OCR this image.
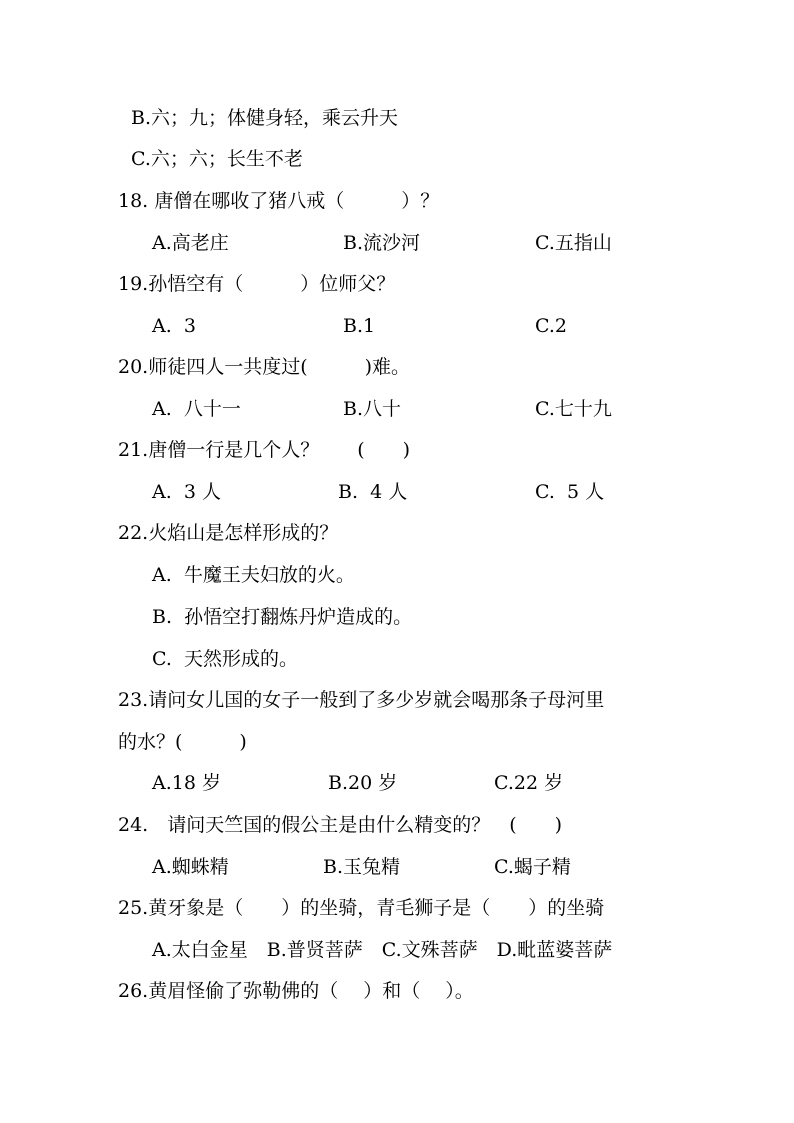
B.六；九；体健身轻，乘云升天
C.六；六；长生不老
18. 唐僧在哪收了猪八戒（　　　）？
A.高老庄	B.流沙河	C.五指山
19.孙悟空有（　　　）位师父？
A.  3	B.1	C.2
20.师徒四人一共度过(　　　)难。
A.  八十一	B.八十	C.七十九
21.唐僧一行是几个人？　　(　　)
A.  3 人	B.  4 人	C.  5 人
22.火焰山是怎样形成的？
A.  牛魔王夫妇放的火。
B.  孙悟空打翻炼丹炉造成的。
C.  天然形成的。
23.请问女儿国的女子一般到了多少岁就会喝那条子母河里
的水？(　　　)
A.18 岁	B.20 岁	C.22 岁
24.　请问天竺国的假公主是由什么精变的？　(　　)
A.蜘蛛精	B.玉兔精	C.蝎子精
25.黄牙象是（　　）的坐骑，青毛狮子是（　　）的坐骑
A.太白金星　B.普贤菩萨　C.文殊菩萨　D.毗蓝婆菩萨
26.黄眉怪偷了弥勒佛的（　 ）和（　 ）。
